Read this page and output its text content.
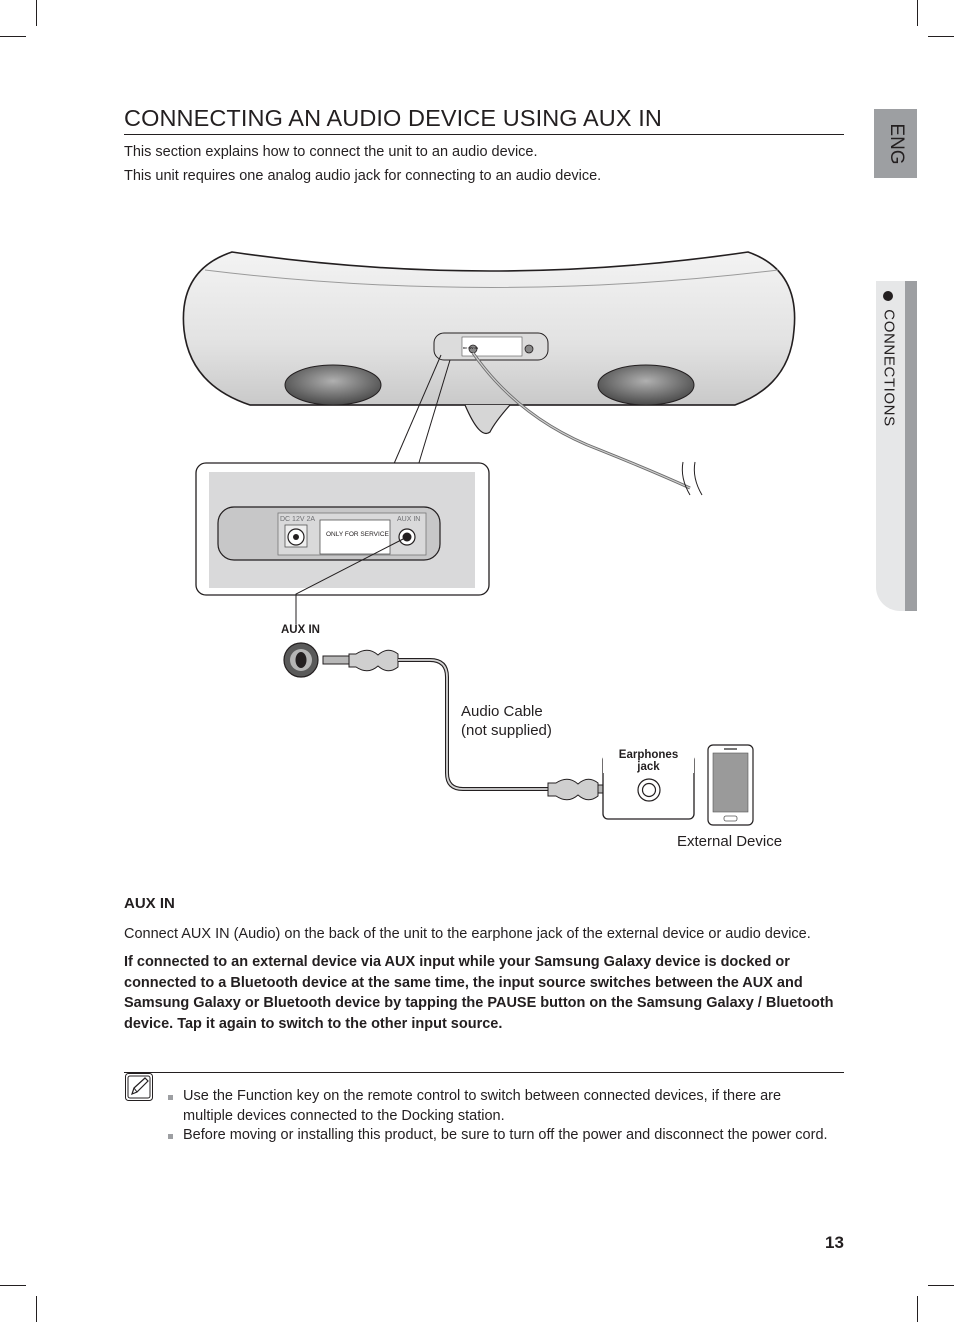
ENG
CONNECTIONS
CONNECTING AN AUDIO DEVICE USING AUX IN
This section explains how to connect the unit to an audio device.
This unit requires one analog audio jack for connecting to an audio device.
DC 12V 2A
DC 12V 2A
ONLY FOR SERVICE
AUX IN
AUX IN
Audio Cable
(not supplied)
Earphones
jack
External Device
AUX IN
Connect AUX IN (Audio) on the back of the unit to the earphone jack of the external device or audio device.
If connected to an external device via AUX input while your Samsung Galaxy device is docked or connected to a Bluetooth device at the same time, the input source switches between the AUX and Samsung Galaxy or Bluetooth device by tapping the PAUSE button on the Samsung Galaxy / Bluetooth device. Tap it again to switch to the other input source.
Use the Function key on the remote control to switch between connected devices, if there are multiple devices connected to the Docking station.
Before moving or installing this product, be sure to turn off the power and disconnect the power cord.
13
